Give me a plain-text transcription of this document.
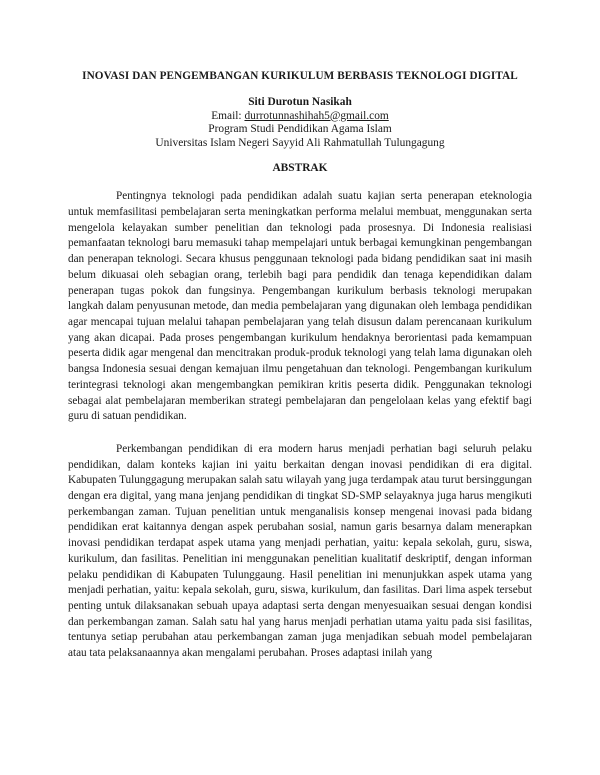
INOVASI DAN PENGEMBANGAN KURIKULUM BERBASIS TEKNOLOGI DIGITAL
Siti Durotun Nasikah
Email: durrotunnashihah5@gmail.com
Program Studi Pendidikan Agama Islam
Universitas Islam Negeri Sayyid Ali Rahmatullah Tulungagung
ABSTRAK

Pentingnya teknologi pada pendidikan adalah suatu kajian serta penerapan eteknologia untuk memfasilitasi pembelajaran serta meningkatkan performa melalui membuat, menggunakan serta mengelola kelayakan sumber penelitian dan teknologi pada prosesnya. Di Indonesia realisiasi pemanfaatan teknologi baru memasuki tahap mempelajari untuk berbagai kemungkinan pengembangan dan penerapan teknologi. Secara khusus penggunaan teknologi pada bidang pendidikan saat ini masih belum dikuasai oleh sebagian orang, terlebih bagi para pendidik dan tenaga kependidikan dalam penerapan tugas pokok dan fungsinya. Pengembangan kurikulum berbasis teknologi merupakan langkah dalam penyusunan metode, dan media pembelajaran yang digunakan oleh lembaga pendidikan agar mencapai tujuan melalui tahapan pembelajaran yang telah disusun dalam perencanaan kurikulum yang akan dicapai. Pada proses pengembangan kurikulum hendaknya berorientasi pada kemampuan peserta didik agar mengenal dan mencitrakan produk-produk teknologi yang telah lama digunakan oleh bangsa Indonesia sesuai dengan kemajuan ilmu pengetahuan dan teknologi. Pengembangan kurikulum terintegrasi teknologi akan mengembangkan pemikiran kritis peserta didik. Penggunakan teknologi sebagai alat pembelajaran memberikan strategi pembelajaran dan pengelolaan kelas yang efektif bagi guru di satuan pendidikan.

Perkembangan pendidikan di era modern harus menjadi perhatian bagi seluruh pelaku pendidikan, dalam konteks kajian ini yaitu berkaitan dengan inovasi pendidikan di era digital. Kabupaten Tulunggagung merupakan salah satu wilayah yang juga terdampak atau turut bersinggungan dengan era digital, yang mana jenjang pendidikan di tingkat SD-SMP selayaknya juga harus mengikuti perkembangan zaman. Tujuan penelitian untuk menganalisis konsep mengenai inovasi pada bidang pendidikan erat kaitannya dengan aspek perubahan sosial, namun garis besarnya dalam menerapkan inovasi pendidikan terdapat aspek utama yang menjadi perhatian, yaitu: kepala sekolah, guru, siswa, kurikulum, dan fasilitas. Penelitian ini menggunakan penelitian kualitatif deskriptif, dengan informan pelaku pendidikan di Kabupaten Tulunggaung. Hasil penelitian ini menunjukkan aspek utama yang menjadi perhatian, yaitu: kepala sekolah, guru, siswa, kurikulum, dan fasilitas. Dari lima aspek tersebut penting untuk dilaksanakan sebuah upaya adaptasi serta dengan menyesuaikan sesuai dengan kondisi dan perkembangan zaman. Salah satu hal yang harus menjadi perhatian utama yaitu pada sisi fasilitas, tentunya setiap perubahan atau perkembangan zaman juga menjadikan sebuah model pembelajaran atau tata pelaksanaannya akan mengalami perubahan. Proses adaptasi inilah yang
